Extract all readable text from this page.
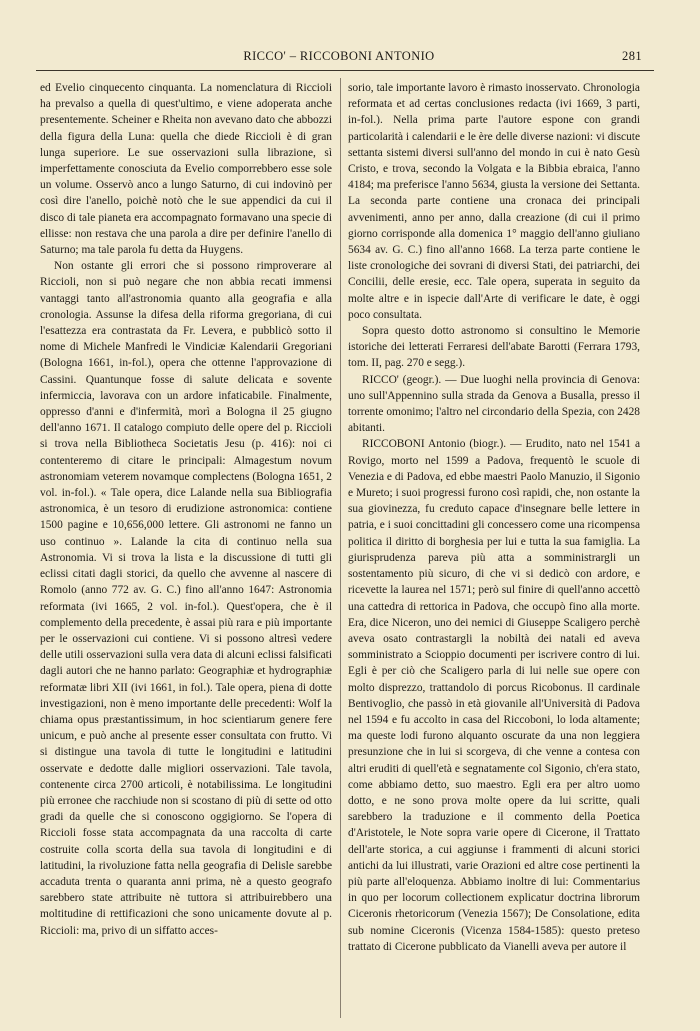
RICCO' – RICCOBONI ANTONIO	281

ed Evelio cinquecento cinquanta. La nomenclatura di Riccioli ha prevalso a quella di quest'ultimo, e viene adoperata anche presentemente. Scheiner e Rheita non avevano dato che abbozzi della figura della Luna: quella che diede Riccioli è di gran lunga superiore. Le sue osservazioni sulla librazione, sì imperfettamente conosciuta da Evelio comporrebbero esse sole un volume. Osservò anco a lungo Saturno, di cui indovinò per così dire l'anello, poichè notò che le sue appendici da cui il disco di tale pianeta era accompagnato formavano una specie di ellisse: non restava che una parola a dire per definire l'anello di Saturno; ma tale parola fu detta da Huygens.

Non ostante gli errori che si possono rimproverare al Riccioli, non si può negare che non abbia recati immensi vantaggi tanto all'astronomia quanto alla geografia e alla cronologia. Assunse la difesa della riforma gregoriana, di cui l'esattezza era contrastata da Fr. Levera, e pubblicò sotto il nome di Michele Manfredi le Vindiciæ Kalendarii Gregoriani (Bologna 1661, in-fol.), opera che ottenne l'approvazione di Cassini. Quantunque fosse di salute delicata e sovente infermiccia, lavorava con un ardore infaticabile. Finalmente, oppresso d'anni e d'infermità, morì a Bologna il 25 giugno dell'anno 1671. Il catalogo compiuto delle opere del p. Riccioli si trova nella Bibliotheca Societatis Jesu (p. 416): noi ci contenteremo di citare le principali: Almagestum novum astronomiam veterem novamque complectens (Bologna 1651, 2 vol. in-fol.). « Tale opera, dice Lalande nella sua Bibliografia astronomica, è un tesoro di erudizione astronomica: contiene 1500 pagine e 10,656,000 lettere. Gli astronomi ne fanno un uso continuo ». Lalande la cita di continuo nella sua Astronomia. Vi si trova la lista e la discussione di tutti gli eclissi citati dagli storici, da quello che avvenne al nascere di Romolo (anno 772 av. G. C.) fino all'anno 1647: Astronomia reformata (ivi 1665, 2 vol. in-fol.). Quest'opera, che è il complemento della precedente, è assai più rara e più importante per le osservazioni cui contiene. Vi si possono altresì vedere delle utili osservazioni sulla vera data di alcuni eclissi falsificati dagli autori che ne hanno parlato: Geographiæ et hydrographiæ reformatæ libri XII (ivi 1661, in fol.). Tale opera, piena di dotte investigazioni, non è meno importante delle precedenti: Wolf la chiama opus præstantissimum, in hoc scientiarum genere fere unicum, e può anche al presente esser consultata con frutto. Vi si distingue una tavola di tutte le longitudini e latitudini osservate e dedotte dalle migliori osservazioni. Tale tavola, contenente circa 2700 articoli, è notabilissima. Le longitudini più erronee che racchiude non si scostano di più di sette od otto gradi da quelle che si conoscono oggigiorno. Se l'opera di Riccioli fosse stata accompagnata da una raccolta di carte costruite colla scorta della sua tavola di longitudini e di latitudini, la rivoluzione fatta nella geografia di Delisle sarebbe accaduta trenta o quaranta anni prima, nè a questo geografo sarebbero state attribuite nè tuttora si attribuirebbero una moltitudine di rettificazioni che sono unicamente dovute al p. Riccioli: ma, privo di un siffatto acces-

sorio, tale importante lavoro è rimasto inosservato. Chronologia reformata et ad certas conclusiones redacta (ivi 1669, 3 parti, in-fol.). Nella prima parte l'autore espone con grandi particolarità i calendarii e le ère delle diverse nazioni: vi discute settanta sistemi diversi sull'anno del mondo in cui è nato Gesù Cristo, e trova, secondo la Volgata e la Bibbia ebraica, l'anno 4184; ma preferisce l'anno 5634, giusta la versione dei Settanta. La seconda parte contiene una cronaca dei principali avvenimenti, anno per anno, dalla creazione (di cui il primo giorno corrisponde alla domenica 1° maggio dell'anno giuliano 5634 av. G. C.) fino all'anno 1668. La terza parte contiene le liste cronologiche dei sovrani di diversi Stati, dei patriarchi, dei Concilii, delle eresie, ecc. Tale opera, superata in seguito da molte altre e in ispecie dall'Arte di verificare le date, è oggi poco consultata.

Sopra questo dotto astronomo si consultino le Memorie istoriche dei letterati Ferraresi dell'abate Barotti (Ferrara 1793, tom. II, pag. 270 e segg.).

RICCO' (geogr.). — Due luoghi nella provincia di Genova: uno sull'Appennino sulla strada da Genova a Busalla, presso il torrente omonimo; l'altro nel circondario della Spezia, con 2428 abitanti.

RICCOBONI Antonio (biogr.). — Erudito, nato nel 1541 a Rovigo, morto nel 1599 a Padova, frequentò le scuole di Venezia e di Padova, ed ebbe maestri Paolo Manuzio, il Sigonio e Mureto; i suoi progressi furono così rapidi, che, non ostante la sua giovinezza, fu creduto capace d'insegnare belle lettere in patria, e i suoi concittadini gli concessero come una ricompensa politica il diritto di borghesia per lui e tutta la sua famiglia. La giurisprudenza pareva più atta a somministrargli un sostentamento più sicuro, di che vi si dedicò con ardore, e ricevette la laurea nel 1571; però sul finire di quell'anno accettò una cattedra di rettorica in Padova, che occupò fino alla morte. Era, dice Niceron, uno dei nemici di Giuseppe Scaligero perchè aveva osato contrastargli la nobiltà dei natali ed aveva somministrato a Scioppio documenti per iscrivere contro di lui. Egli è per ciò che Scaligero parla di lui nelle sue opere con molto disprezzo, trattandolo di porcus Ricobonus. Il cardinale Bentivoglio, che passò in età giovanile all'Università di Padova nel 1594 e fu accolto in casa del Riccoboni, lo loda altamente; ma queste lodi furono alquanto oscurate da una non leggiera presunzione che in lui si scorgeva, di che venne a contesa con altri eruditi di quell'età e segnatamente col Sigonio, ch'era stato, come abbiamo detto, suo maestro. Egli era per altro uomo dotto, e ne sono prova molte opere da lui scritte, quali sarebbero la traduzione e il commento della Poetica d'Aristotele, le Note sopra varie opere di Cicerone, il Trattato dell'arte storica, a cui aggiunse i frammenti di alcuni storici antichi da lui illustrati, varie Orazioni ed altre cose pertinenti la più parte all'eloquenza. Abbiamo inoltre di lui: Commentarius in quo per locorum collectionem explicatur doctrina librorum Ciceronis rhetoricorum (Venezia 1567); De Consolatione, edita sub nomine Ciceronis (Vicenza 1584-1585): questo preteso trattato di Cicerone pubblicato da Vianelli aveva per autore il
